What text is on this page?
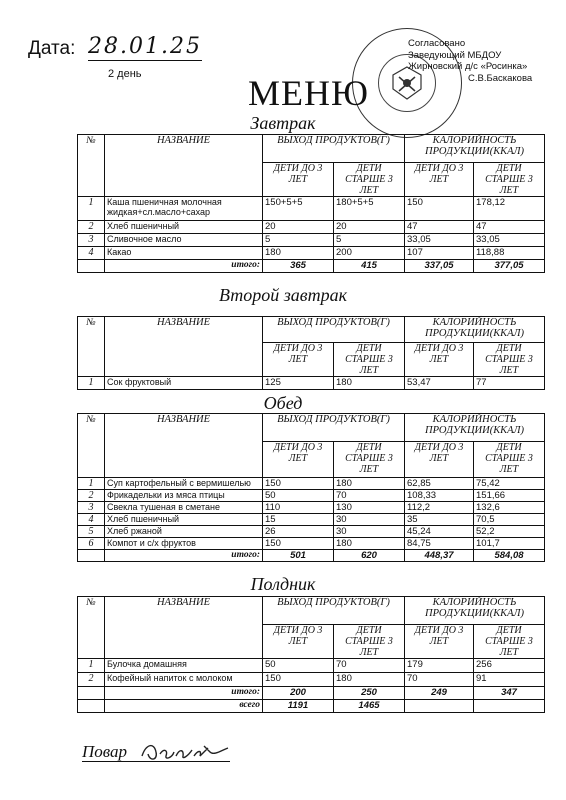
Дата: 28.01.25
2 день
Согласовано
Заведующий МБДОУ
Жирновский д/с «Росинка»
С.В.Баскакова
МЕНЮ
Завтрак
№	НАЗВАНИЕ	ВЫХОД ПРОДУКТОВ(Г)		КАЛОРИЙНОСТЬ ПРОДУКЦИИ(ККАЛ)	
		ДЕТИ ДО 3 ЛЕТ	ДЕТИ СТАРШЕ 3 ЛЕТ	ДЕТИ ДО 3 ЛЕТ	ДЕТИ СТАРШЕ 3 ЛЕТ
1	Каша пшеничная молочная жидкая+сл.масло+сахар	150+5+5	180+5+5	150	178,12
2	Хлеб пшеничный	20	20	47	47
3	Сливочное масло	5	5	33,05	33,05
4	Какао	180	200	107	118,88
	итого:	365	415	337,05	377,05
Второй завтрак
№	НАЗВАНИЕ	ВЫХОД ПРОДУКТОВ(Г)		КАЛОРИЙНОСТЬ ПРОДУКЦИИ(ККАЛ)	
		ДЕТИ ДО 3 ЛЕТ	ДЕТИ СТАРШЕ 3 ЛЕТ	ДЕТИ ДО 3 ЛЕТ	ДЕТИ СТАРШЕ 3 ЛЕТ
1	Сок фруктовый	125	180	53,47	77
Обед
№	НАЗВАНИЕ	ВЫХОД ПРОДУКТОВ(Г)		КАЛОРИЙНОСТЬ ПРОДУКЦИИ(ККАЛ)	
		ДЕТИ ДО 3 ЛЕТ	ДЕТИ СТАРШЕ 3 ЛЕТ	ДЕТИ ДО 3 ЛЕТ	ДЕТИ СТАРШЕ 3 ЛЕТ
1	Суп картофельный с вермишелью	150	180	62,85	75,42
2	Фрикадельки из мяса птицы	50	70	108,33	151,66
3	Свекла тушеная в сметане	110	130	112,2	132,6
4	Хлеб пшеничный	15	30	35	70,5
5	Хлеб ржаной	26	30	45,24	52,2
6	Компот и с/х фруктов	150	180	84,75	101,7
	итого:	501	620	448,37	584,08
Полдник
№	НАЗВАНИЕ	ВЫХОД ПРОДУКТОВ(Г)		КАЛОРИЙНОСТЬ ПРОДУКЦИИ(ККАЛ)	
		ДЕТИ ДО 3 ЛЕТ	ДЕТИ СТАРШЕ 3 ЛЕТ	ДЕТИ ДО 3 ЛЕТ	ДЕТИ СТАРШЕ 3 ЛЕТ
1	Булочка домашняя	50	70	179	256
2	Кофейный напиток с молоком	150	180	70	91
	итого:	200	250	249	347
	всего	1191	1465		
Повар
